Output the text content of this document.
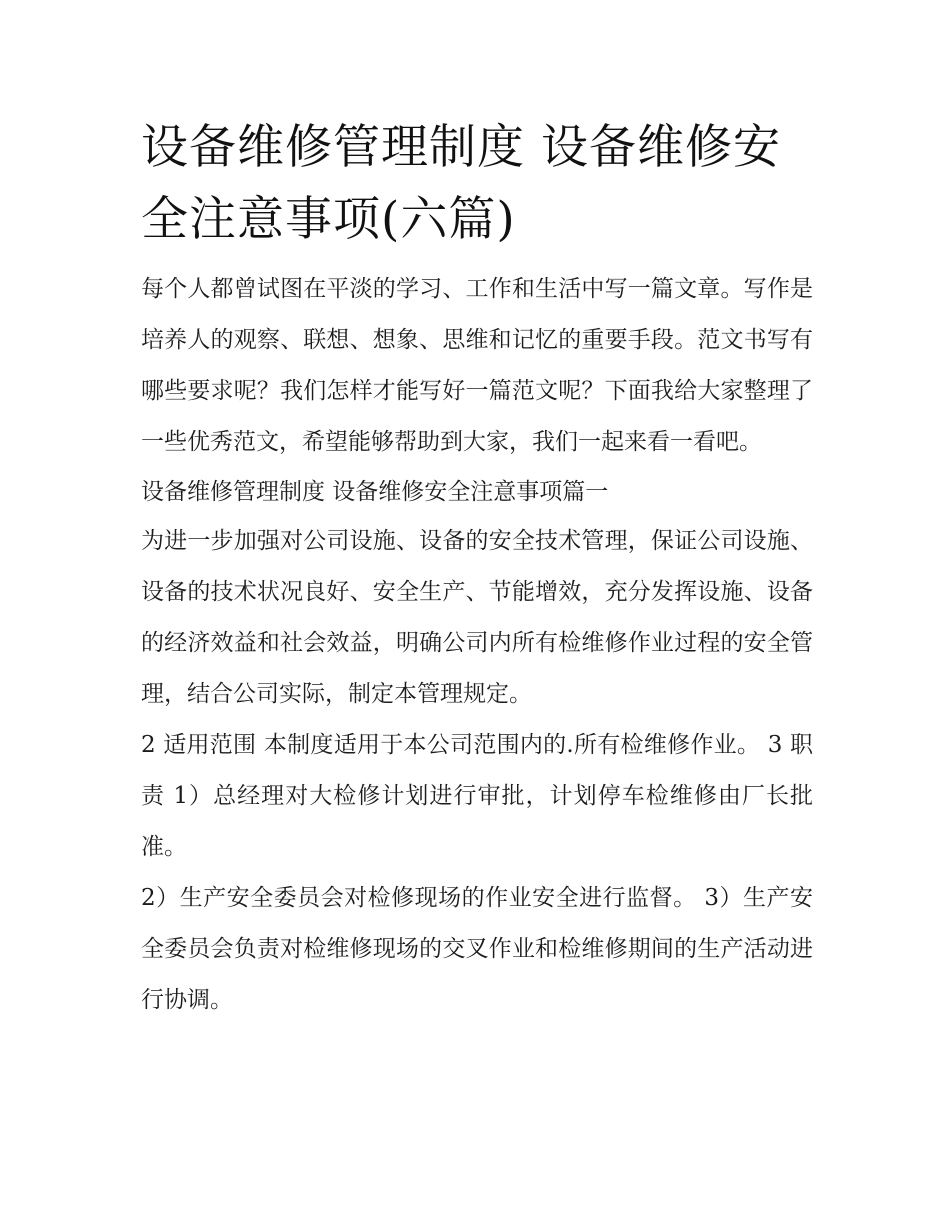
设备维修管理制度 设备维修安全注意事项(六篇)

每个人都曾试图在平淡的学习、工作和生活中写一篇文章。写作是培养人的观察、联想、想象、思维和记忆的重要手段。范文书写有哪些要求呢？我们怎样才能写好一篇范文呢？下面我给大家整理了一些优秀范文，希望能够帮助到大家，我们一起来看一看吧。

设备维修管理制度 设备维修安全注意事项篇一

为进一步加强对公司设施、设备的安全技术管理，保证公司设施、设备的技术状况良好、安全生产、节能增效，充分发挥设施、设备的经济效益和社会效益，明确公司内所有检维修作业过程的安全管理，结合公司实际，制定本管理规定。

2 适用范围 本制度适用于本公司范围内的.所有检维修作业。 3 职责 1）总经理对大检修计划进行审批，计划停车检维修由厂长批准。

2）生产安全委员会对检修现场的作业安全进行监督。 3）生产安全委员会负责对检维修现场的交叉作业和检维修期间的生产活动进行协调。
